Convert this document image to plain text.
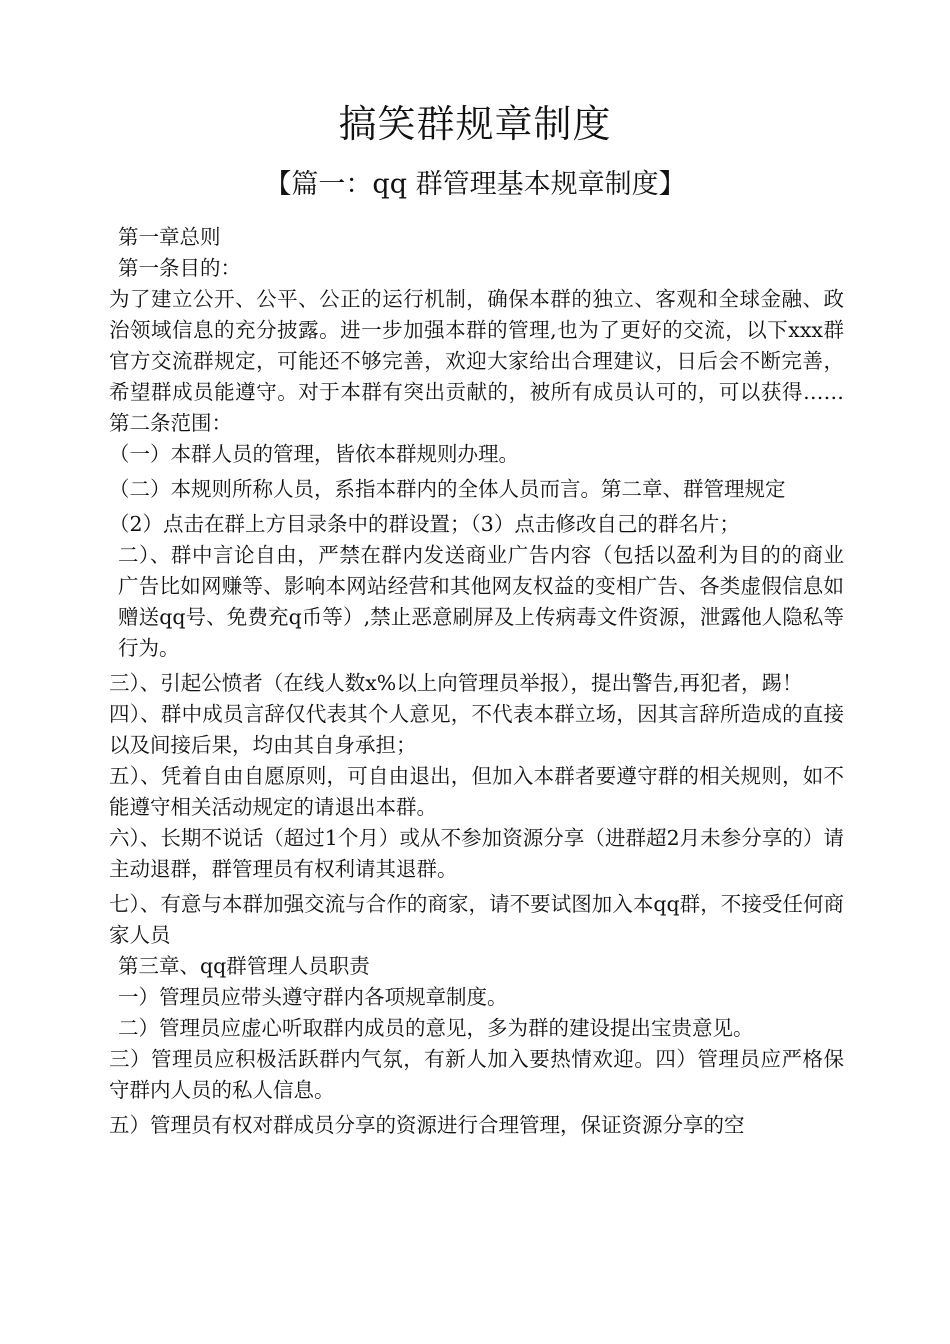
搞笑群规章制度
【篇一：qq 群管理基本规章制度】

第一章总则

第一条目的：

为了建立公开、公平、公正的运行机制，确保本群的独立、客观和全球金融、政治领域信息的充分披露。进一步加强本群的管理,也为了更好的交流，以下xxx群官方交流群规定，可能还不够完善，欢迎大家给出合理建议，日后会不断完善，希望群成员能遵守。对于本群有突出贡献的，被所有成员认可的，可以获得……第二条范围：

（一）本群人员的管理，皆依本群规则办理。

（二）本规则所称人员，系指本群内的全体人员而言。第二章、群管理规定

（2）点击在群上方目录条中的群设置；（3）点击修改自己的群名片；

二）、群中言论自由，严禁在群内发送商业广告内容（包括以盈利为目的的商业广告比如网赚等、影响本网站经营和其他网友权益的变相广告、各类虚假信息如赠送qq号、免费充q币等）,禁止恶意刷屏及上传病毒文件资源，泄露他人隐私等行为。

三）、引起公愤者（在线人数x%以上向管理员举报），提出警告,再犯者，踢！

四）、群中成员言辞仅代表其个人意见，不代表本群立场，因其言辞所造成的直接以及间接后果，均由其自身承担；

五）、凭着自由自愿原则，可自由退出，但加入本群者要遵守群的相关规则，如不能遵守相关活动规定的请退出本群。

六）、长期不说话（超过1个月）或从不参加资源分享（进群超2月未参分享的）请主动退群，群管理员有权利请其退群。

七）、有意与本群加强交流与合作的商家，请不要试图加入本qq群，不接受任何商家人员

第三章、qq群管理人员职责

一）管理员应带头遵守群内各项规章制度。

二）管理员应虚心听取群内成员的意见，多为群的建设提出宝贵意见。

三）管理员应积极活跃群内气氛，有新人加入要热情欢迎。四）管理员应严格保守群内人员的私人信息。

五）管理员有权对群成员分享的资源进行合理管理，保证资源分享的空
